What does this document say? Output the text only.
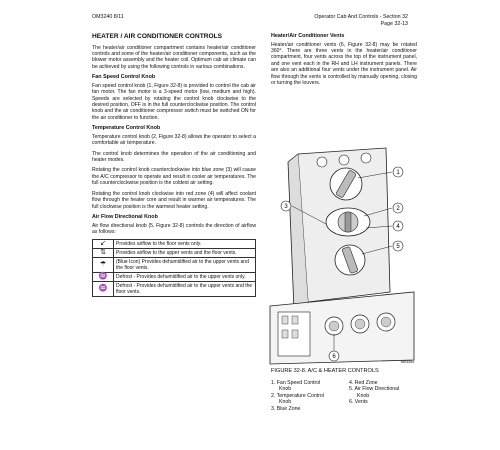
OM3240 8/11	Operator Cab And Controls - Section 32
Page 32-13
HEATER / AIR CONDITIONER CONTROLS

The heater/air conditioner compartment contains heater/air conditioner controls and some of the heater/air conditioner components, such as the blower motor assembly and the heater coil. Optimum cab air climate can be achieved by using the following controls in various combinations.

Fan Speed Control Knob

Fan speed control knob (1, Figure 32-8) is provided to control the cab air fan motor. The fan motor is a 3-speed motor (low, medium and high). Speeds are selected by rotating the control knob clockwise to the desired position. OFF is in the full counterclockwise position. The control knob and the air conditioner compressor switch must be switched ON for the air conditioner to function.

Temperature Control Knob

Temperature control knob (2, Figure 32-8) allows the operator to select a comfortable air temperature.

The control knob determines the operation of the air conditioning and heater modes.

Rotating the control knob counterclockwise into blue zone (3) will cause the A/C compressor to operate and result in cooler air temperatures. The full counterclockwise position is the coldest air setting.

Rotating the control knob clockwise into red zone (4) will affect coolant flow through the heater core and result in warmer air temperatures. The full clockwise position is the warmest heater setting.

Air Flow Directional Knob

Air flow directional knob (5, Figure 32-8) controls the direction of airflow as follows:

↙	Provides airflow to the floor vents only.
⇅	Provides airflow to the upper vents and the floor vents.
☂	(Blue Icon) Provides dehumidified air to the upper vents and the floor vents.
♒	Defrost - Provides dehumidified air to the upper vents only.
♒	Defrost - Provides dehumidified air to the upper vents and the floor vents.
Heater/Air Conditioner Vents

Heater/air conditioner vents (6, Figure 32-8) may be rotated 360°. There are three vents in the heater/air conditioner compartment, four vents across the top of the instrument panel, and one vent each in the RH and LH instrument panels. There are also an additional four vents under the instrument panel. Air flow through the vents is controlled by manually opening, closing or turning the louvers.

1
2
3
4
5
6
M03394
FIGURE 32-8. A/C & HEATER CONTROLS
1. Fan Speed Control
Knob
2. Temperature Control
Knob
3. Blue Zone
4. Red Zone
5. Air Flow Directional
Knob
6. Vents
